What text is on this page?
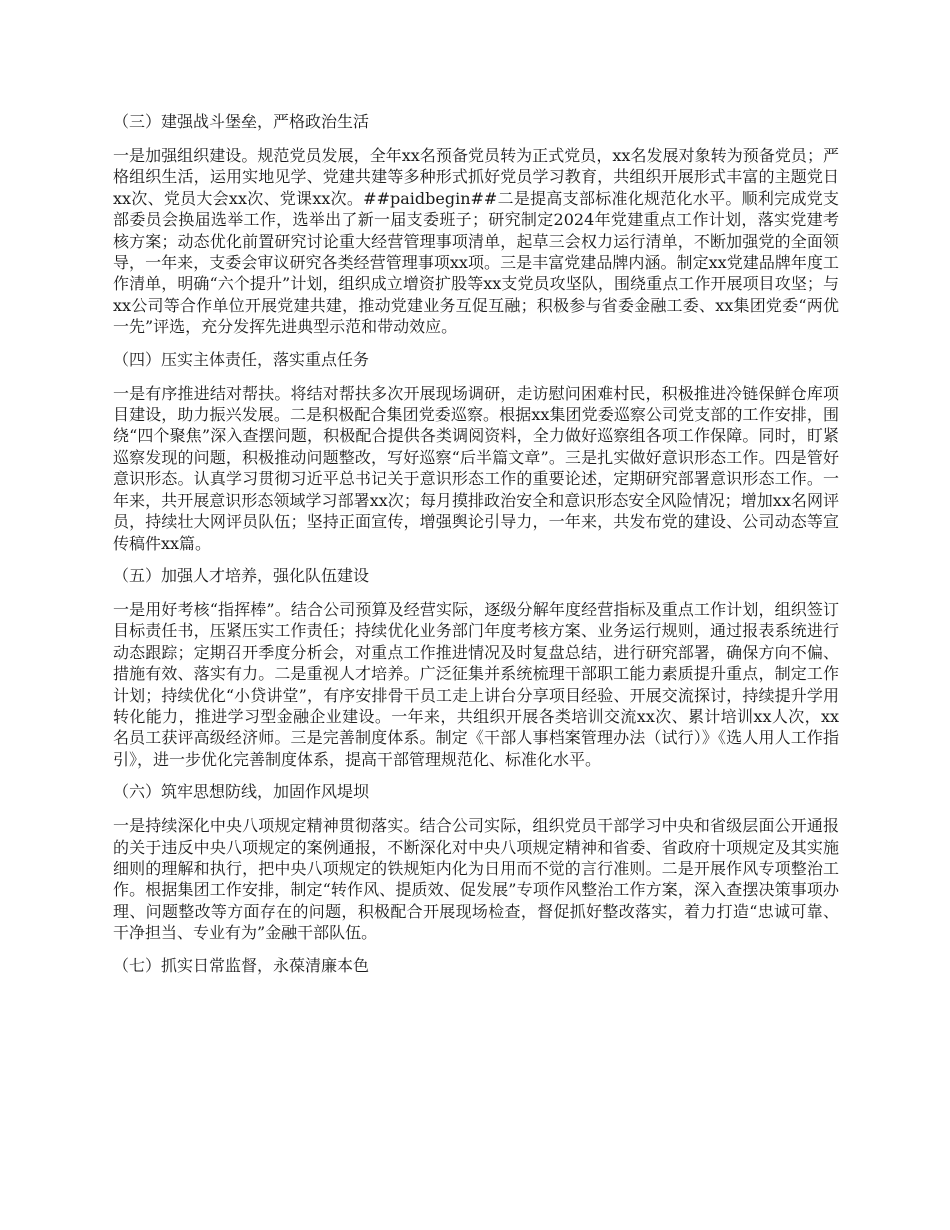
（三）建强战斗堡垒，严格政治生活

一是加强组织建设。规范党员发展，全年xx名预备党员转为正式党员，xx名发展对象转为预备党员；严格组织生活，运用实地见学、党建共建等多种形式抓好党员学习教育，共组织开展形式丰富的主题党日xx次、党员大会xx次、党课xx次。##paidbegin##二是提高支部标准化规范化水平。顺利完成党支部委员会换届选举工作，选举出了新一届支委班子；研究制定2024年党建重点工作计划，落实党建考核方案；动态优化前置研究讨论重大经营管理事项清单，起草三会权力运行清单，不断加强党的全面领导，一年来，支委会审议研究各类经营管理事项xx项。三是丰富党建品牌内涵。制定xx党建品牌年度工作清单，明确“六个提升”计划，组织成立增资扩股等xx支党员攻坚队，围绕重点工作开展项目攻坚；与xx公司等合作单位开展党建共建，推动党建业务互促互融；积极参与省委金融工委、xx集团党委“两优一先”评选，充分发挥先进典型示范和带动效应。

（四）压实主体责任，落实重点任务

一是有序推进结对帮扶。将结对帮扶多次开展现场调研，走访慰问困难村民，积极推进冷链保鲜仓库项目建设，助力振兴发展。二是积极配合集团党委巡察。根据xx集团党委巡察公司党支部的工作安排，围绕“四个聚焦”深入查摆问题，积极配合提供各类调阅资料，全力做好巡察组各项工作保障。同时，盯紧巡察发现的问题，积极推动问题整改，写好巡察“后半篇文章”。三是扎实做好意识形态工作。四是管好意识形态。认真学习贯彻习近平总书记关于意识形态工作的重要论述，定期研究部署意识形态工作。一年来，共开展意识形态领域学习部署xx次；每月摸排政治安全和意识形态安全风险情况；增加xx名网评员，持续壮大网评员队伍；坚持正面宣传，增强舆论引导力，一年来，共发布党的建设、公司动态等宣传稿件xx篇。

（五）加强人才培养，强化队伍建设

一是用好考核“指挥棒”。结合公司预算及经营实际，逐级分解年度经营指标及重点工作计划，组织签订目标责任书，压紧压实工作责任；持续优化业务部门年度考核方案、业务运行规则，通过报表系统进行动态跟踪；定期召开季度分析会，对重点工作推进情况及时复盘总结，进行研究部署，确保方向不偏、措施有效、落实有力。二是重视人才培养。广泛征集并系统梳理干部职工能力素质提升重点，制定工作计划；持续优化“小贷讲堂”，有序安排骨干员工走上讲台分享项目经验、开展交流探讨，持续提升学用转化能力，推进学习型金融企业建设。一年来，共组织开展各类培训交流xx次、累计培训xx人次，xx名员工获评高级经济师。三是完善制度体系。制定《干部人事档案管理办法（试行）》《选人用人工作指引》，进一步优化完善制度体系，提高干部管理规范化、标准化水平。

（六）筑牢思想防线，加固作风堤坝

一是持续深化中央八项规定精神贯彻落实。结合公司实际，组织党员干部学习中央和省级层面公开通报的关于违反中央八项规定的案例通报，不断深化对中央八项规定精神和省委、省政府十项规定及其实施细则的理解和执行，把中央八项规定的铁规矩内化为日用而不觉的言行准则。二是开展作风专项整治工作。根据集团工作安排，制定“转作风、提质效、促发展”专项作风整治工作方案，深入查摆决策事项办理、问题整改等方面存在的问题，积极配合开展现场检查，督促抓好整改落实，着力打造“忠诚可靠、干净担当、专业有为”金融干部队伍。

（七）抓实日常监督，永葆清廉本色
